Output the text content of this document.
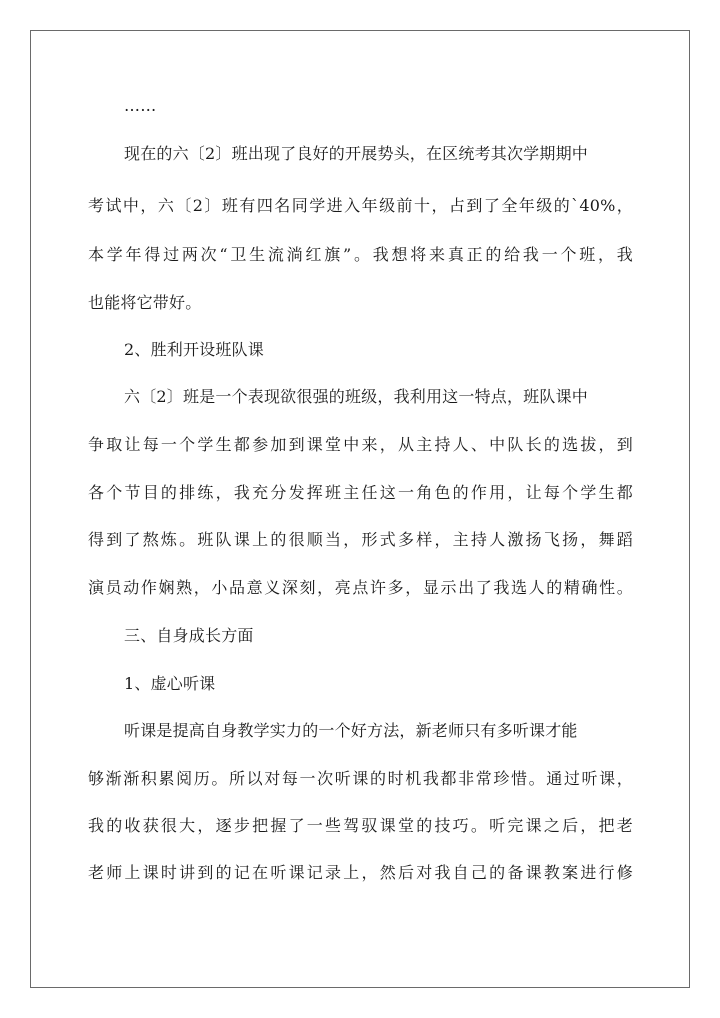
……
现在的六〔2〕班出现了良好的开展势头，在区统考其次学期期中
考试中，六〔2〕班有四名同学进入年级前十，占到了全年级的`40%，
本学年得过两次“卫生流淌红旗”。我想将来真正的给我一个班，我
也能将它带好。
2、胜利开设班队课
六〔2〕班是一个表现欲很强的班级，我利用这一特点，班队课中
争取让每一个学生都参加到课堂中来，从主持人、中队长的选拔，到
各个节目的排练，我充分发挥班主任这一角色的作用，让每个学生都
得到了熬炼。班队课上的很顺当，形式多样，主持人激扬飞扬，舞蹈
演员动作娴熟，小品意义深刻，亮点许多，显示出了我选人的精确性。
三、自身成长方面
1、虚心听课
听课是提高自身教学实力的一个好方法，新老师只有多听课才能
够渐渐积累阅历。所以对每一次听课的时机我都非常珍惜。通过听课，
我的收获很大，逐步把握了一些驾驭课堂的技巧。听完课之后，把老
老师上课时讲到的记在听课记录上，然后对我自己的备课教案进行修
